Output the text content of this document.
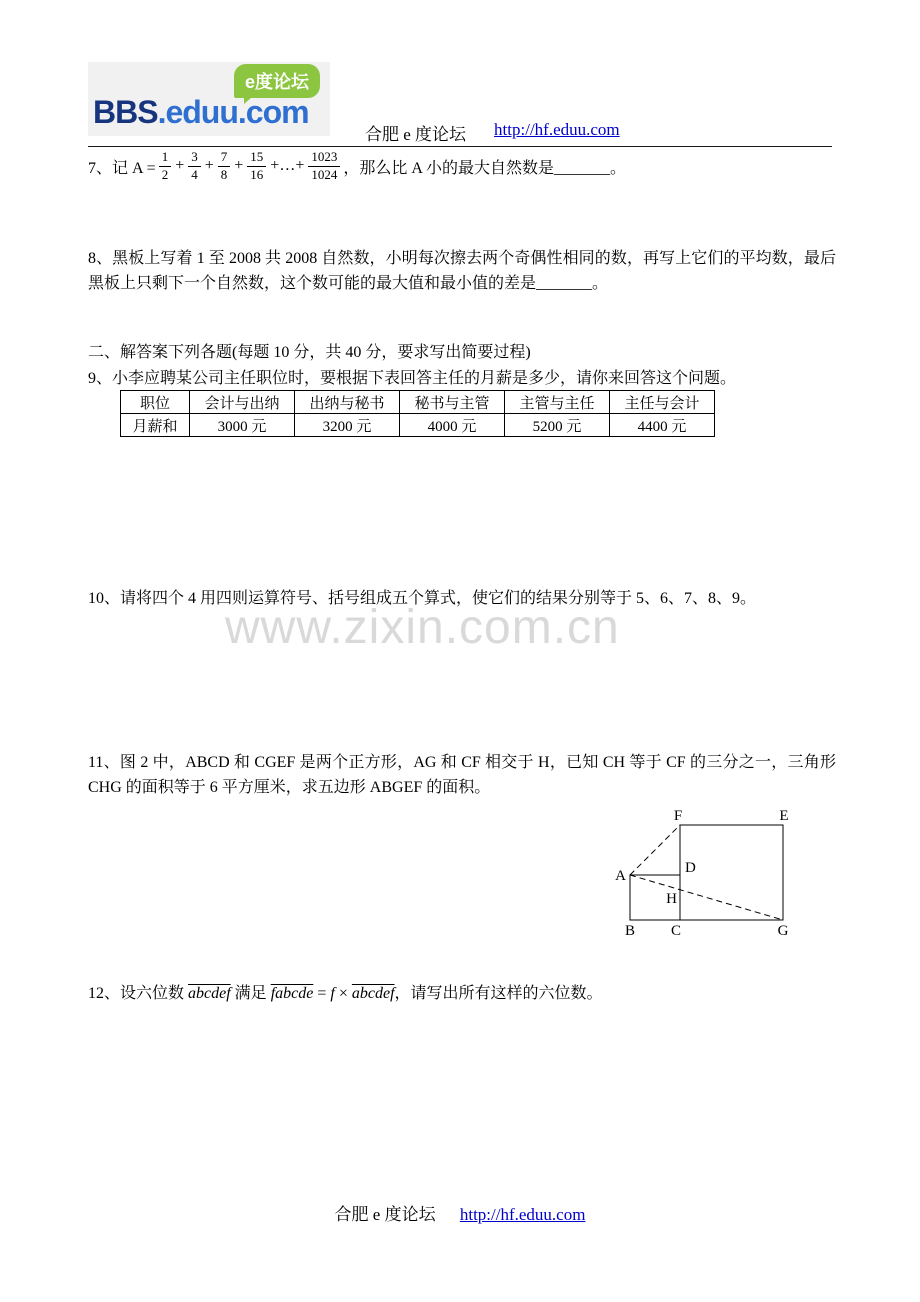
e度论坛
BBS.eduu.com
合肥 e 度论坛 http://hf.eduu.com
7、记 $A = \frac{1}{2} + \frac{3}{4} + \frac{7}{8} + \frac{15}{16}$ +…+ $\frac{1023}{1024}$ ，那么比 A 小的最大自然数是_______。
8、黑板上写着 1 至 2008 共 2008 自然数，小明每次擦去两个奇偶性相同的数，再写上它们的平均数，最后黑板上只剩下一个自然数，这个数可能的最大值和最小值的差是_______。
二、解答案下列各题(每题 10 分，共 40 分，要求写出简要过程)
9、小李应聘某公司主任职位时，要根据下表回答主任的月薪是多少，请你来回答这个问题。
职位	会计与出纳	出纳与秘书	秘书与主管	主管与主任	主任与会计
月薪和	3000 元	3200 元	4000 元	5200 元	4400 元
10、请将四个 4 用四则运算符号、括号组成五个算式，使它们的结果分别等于 5、6、7、8、9。
www.zixin.com.cn
11、图 2 中，ABCD 和 CGEF 是两个正方形，AG 和 CF 相交于 H，已知 CH 等于 CF 的三分之一，三角形 CHG 的面积等于 6 平方厘米，求五边形 ABGEF 的面积。
F	E
A	D
H
B C	G
12、设六位数 abcdef 满足 fabcde = f × abcdef，请写出所有这样的六位数。
合肥 e 度论坛 http://hf.eduu.com
